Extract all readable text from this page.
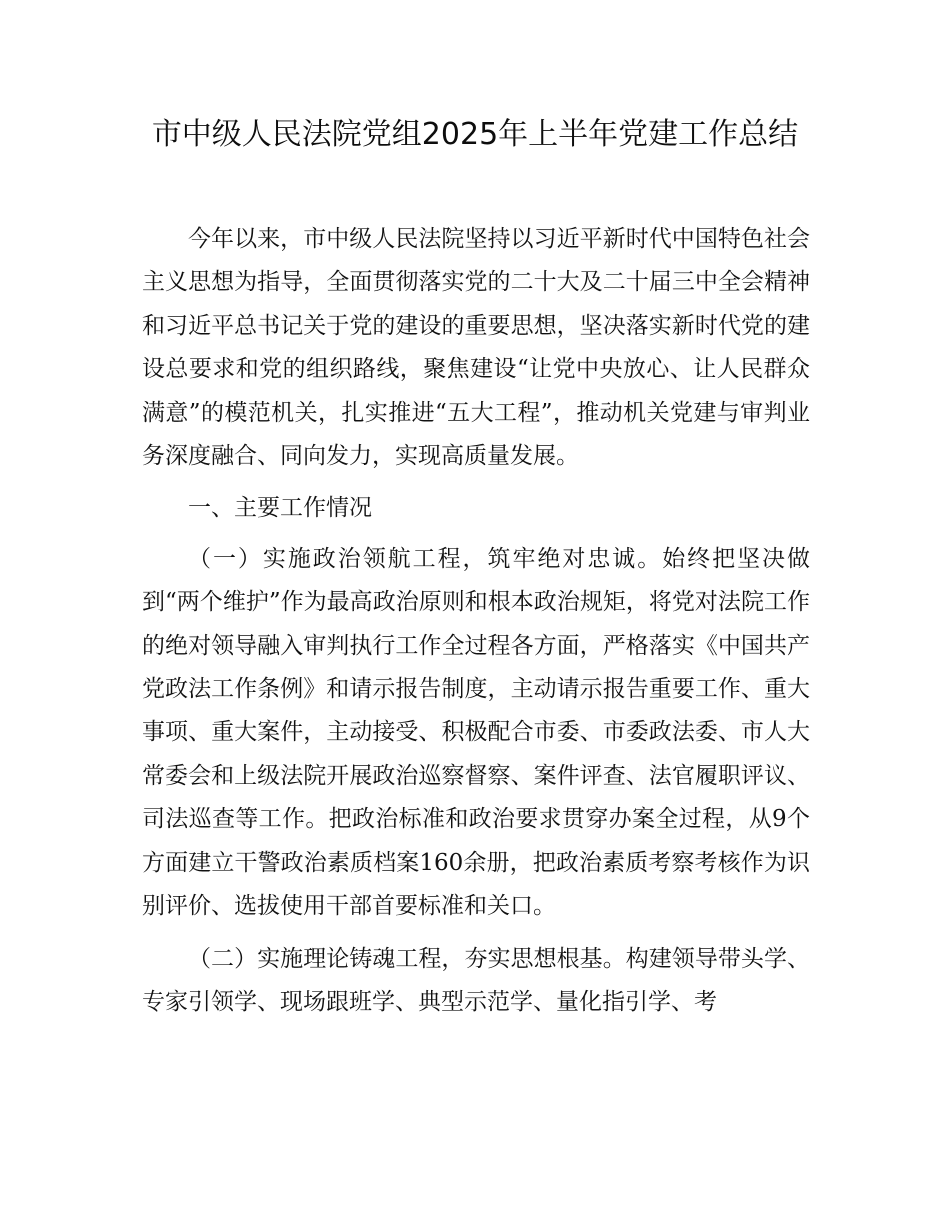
市中级人民法院党组2025年上半年党建工作总结

今年以来，市中级人民法院坚持以习近平新时代中国特色社会主义思想为指导，全面贯彻落实党的二十大及二十届三中全会精神和习近平总书记关于党的建设的重要思想，坚决落实新时代党的建设总要求和党的组织路线，聚焦建设“让党中央放心、让人民群众满意”的模范机关，扎实推进“五大工程”，推动机关党建与审判业务深度融合、同向发力，实现高质量发展。

一、主要工作情况

（一）实施政治领航工程，筑牢绝对忠诚。始终把坚决做到“两个维护”作为最高政治原则和根本政治规矩，将党对法院工作的绝对领导融入审判执行工作全过程各方面，严格落实《中国共产党政法工作条例》和请示报告制度，主动请示报告重要工作、重大事项、重大案件，主动接受、积极配合市委、市委政法委、市人大常委会和上级法院开展政治巡察督察、案件评查、法官履职评议、司法巡查等工作。把政治标准和政治要求贯穿办案全过程，从9个方面建立干警政治素质档案160余册，把政治素质考察考核作为识别评价、选拔使用干部首要标准和关口。

（二）实施理论铸魂工程，夯实思想根基。构建领导带头学、专家引领学、现场跟班学、典型示范学、量化指引学、考
